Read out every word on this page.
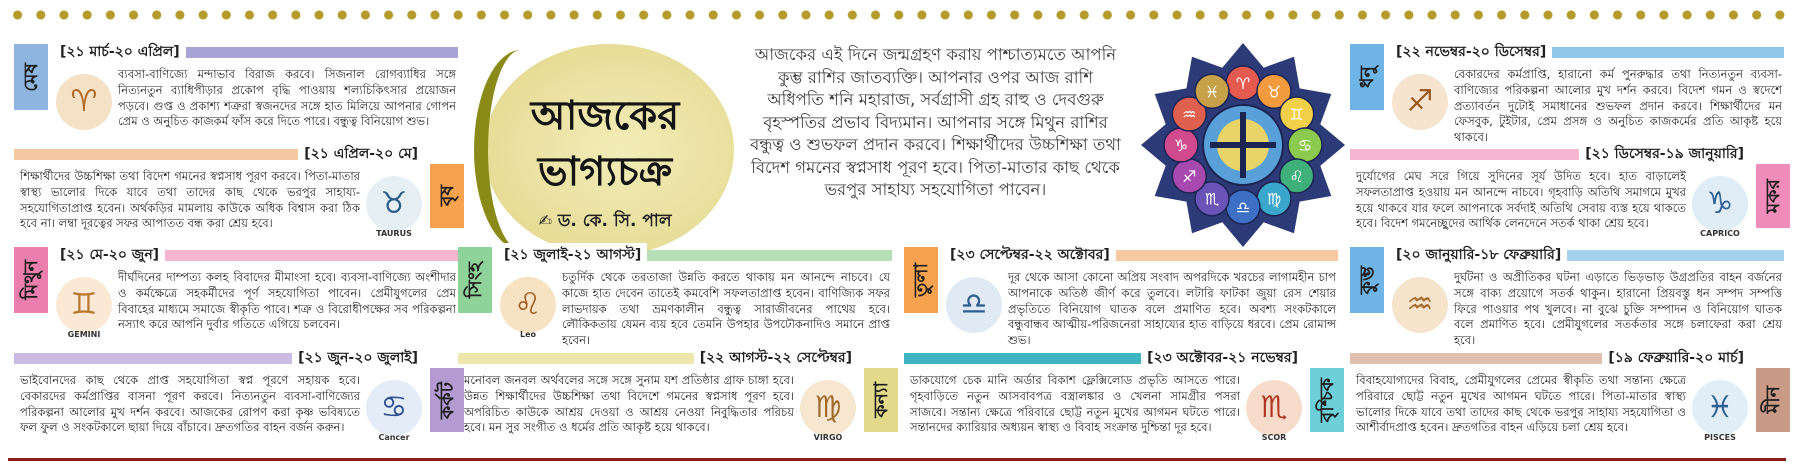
আজকের
ভাগ্যচক্র
✍ ড. কে. সি. পাল
আজকের এই দিনে জন্মগ্রহণ করায় পাশ্চাত্যমতে আপনি কুম্ভ রাশির জাতব্যক্তি। আপনার ওপর আজ রাশি অধিপতি শনি মহারাজ, সর্বগ্রাসী গ্রহ রাহু ও দেবগুরু বৃহস্পতির প্রভাব বিদ্যমান। আপনার সঙ্গে মিথুন রাশির বন্ধুত্ব ও শুভফল প্রদান করবে। শিক্ষার্থীদের উচ্চশিক্ষা তথা বিদেশ গমনের স্বপ্নসাধ পূরণ হবে। পিতা-মাতার কাছ থেকে ভরপুর সাহায্য সহযোগিতা পাবেন।
♈ ♉
♊
♋
♌
♍
♎
♏
♐
♑
♒
♓
মেষ
[২১ মার্চ-২০ এপ্রিল]
ব্যবসা-বাণিজ্যে মন্দাভাব বিরাজ করবে। সিজনাল রোগব্যাধির সঙ্গে নিত্যনতুন ব্যাধিপীড়ার প্রকোপ বৃদ্ধি পাওয়ায় শল্যচিকিৎসার প্রয়োজন পড়বে। গুপ্ত ও প্রকাশ্য শত্রুরা স্বজনদের সঙ্গে হাত মিলিয়ে আপনার গোপন প্রেম ও অনুচিত কাজকর্ম ফাঁস করে দিতে পারে। বন্ধুত্ব বিনিয়োগ শুভ।
♈
বৃষ
[২১ এপ্রিল-২০ মে]
শিক্ষার্থীদের উচ্চশিক্ষা তথা বিদেশ গমনের স্বপ্নসাধ পূরণ করবে। পিতা-মাতার স্বাস্থ্য ভালোর দিকে যাবে তথা তাদের কাছ থেকে ভরপুর সাহায্য-সহযোগিতাপ্রাপ্ত হবেন। অর্থকড়ির মামলায় কাউকে অধিক বিশ্বাস করা ঠিক হবে না। লম্বা দূরত্বের সফর আপাতত বন্ধ করা শ্রেয় হবে।
♉
TAURUS
মিথুন
[২১ মে-২০ জুন]
দীর্ঘদিনের দাম্পত্য কলহ বিবাদের মীমাংসা হবে। ব্যবসা-বাণিজ্যে অংশীদার ও কর্মক্ষেত্রে সহকর্মীদের পূর্ণ সহযোগিতা পাবেন। প্রেমীযুগলের প্রেম বিবাহের মাধ্যমে সমাজে স্বীকৃতি পাবে। শত্রু ও বিরোধীপক্ষের সব পরিকল্পনা নস্যাৎ করে আপনি দুর্বার গতিতে এগিয়ে চলবেন।
♊
GEMINI
কর্কট
[২১ জুন-২০ জুলাই]
ভাইবোনদের কাছ থেকে প্রাপ্ত সহযোগিতা স্বপ্ন পূরণে সহায়ক হবে। বেকারদের কর্মপ্রাপ্তির বাসনা পূরণ করবে। নিত্যনতুন ব্যবসা-বাণিজ্যের পরিকল্পনা আলোর মুখ দর্শন করবে। আজকের রোপণ করা কৃষ্ণ ভবিষ্যতে ফল ফুল ও সংকটকালে ছায়া দিয়ে বাঁচাবে। দ্রুতগতির বাহন বর্জন করুন।
♋
Cancer
সিংহ
[২১ জুলাই-২১ আগস্ট]
চতুর্দিক থেকে তরতাজা উন্নতি করতে থাকায় মন আনন্দে নাচবে। যে কাজে হাত দেবেন তাতেই কমবেশি সফলতাপ্রাপ্ত হবেন। বাণিজ্যিক সফর লাভদায়ক তথা ভ্রমণকালীন বন্ধুত্ব সারাজীবনের পাথেয় হবে। লৌকিকতায় যেমন ব্যয় হবে তেমনি উপহার উপঢৌকনাদিও সমানে প্রাপ্ত হবেন।
♌
Leo
কন্যা
[২২ আগস্ট-২২ সেপ্টেম্বর]
মনোবল জনবল অর্থবলের সঙ্গে সঙ্গে সুনাম যশ প্রতিষ্ঠার গ্রাফ চাঙ্গা হবে। উন্নত শিক্ষার্থীদের উচ্চশিক্ষা তথা বিদেশে গমনের স্বপ্নসাধ পূরণ হবে। অপরিচিত কাউকে আশ্রয় দেওয়া ও আশ্রয় নেওয়া নিবুদ্ধিতার পরিচয় হবে। মন সুর সংগীত ও ধর্মের প্রতি আকৃষ্ট হয়ে থাকবে।
♍
VIRGO
তুলা
[২৩ সেপ্টেম্বর-২২ অক্টোবর]
দূর থেকে আসা কোনো অপ্রিয় সংবাদ অপরদিকে খরচের লাগামহীন চাপ আপনাকে অতিষ্ঠ জীর্ণ করে তুলবে। লটারি ফাটকা জুয়া রেস শেয়ার প্রভৃতিতে বিনিয়োগ ঘাতক বলে প্রমাণিত হবে। অবশ্য সংকটকালে বন্ধুবান্ধব আত্মীয়-পরিজনেরা সাহায্যের হাত বাড়িয়ে ধরবে। প্রেম রোমান্স শুভ।
♎
বৃশ্চিক
[২৩ অক্টোবর-২১ নভেম্বর]
ডাকযোগে চেক মানি অর্ডার বিকাশ ফ্লেক্সিলোড প্রভৃতি আসতে পারে। গৃহবাড়িতে নতুন আসবাবপত্র বস্ত্রালঙ্কার ও খেলনা সামগ্রীর পসরা সাজবে। সন্তান্য ক্ষেত্রে পরিবারে ছোট্ট নতুন মুখের আগমন ঘটতে পারে। সন্তানদের ক্যারিয়ার অধ্যয়ন স্বাস্থ্য ও বিবাহ সংক্রান্ত দুশ্চিন্তা দূর হবে।
♏
SCOR
ধনু
[২২ নভেম্বর-২০ ডিসেম্বর]
বেকারদের কর্মপ্রাপ্তি, হারানো কর্ম পুনরুদ্ধার তথা নিত্যনতুন ব্যবসা-বাণিজ্যের পরিকল্পনা আলোর মুখ দর্শন করবে। বিদেশ গমন ও স্বদেশে প্রত্যাবর্তন দুটোই সমাধানের শুভফল প্রদান করবে। শিক্ষার্থীদের মন ফেসবুক, টুইটার, প্রেম প্রসঙ্গ ও অনুচিত কাজকর্মের প্রতি আকৃষ্ট হয়ে থাকবে।
♐
মকর
[২১ ডিসেম্বর-১৯ জানুয়ারি]
দুর্যোগের মেঘ সরে গিয়ে সুদিনের সূর্য উদিত হবে। হাত বাড়ালেই সফলতাপ্রাপ্ত হওয়ায় মন আনন্দে নাচবে। গৃহবাড়ি অতিথি সমাগমে মুখর হয়ে থাকবে যার ফলে আপনাকে সর্বদাই অতিথি সেবায় ব্যস্ত হয়ে থাকতে হবে। বিদেশ গমনেচ্ছুদের আর্থিক লেনদেনে সতর্ক থাকা শ্রেয় হবে।
♑
CAPRICO
কুম্ভ
[২০ জানুয়ারি-১৮ ফেব্রুয়ারি]
দুর্ঘটনা ও অপ্রীতিকর ঘটনা এড়াতে ভিড়ভাড় উগ্রপ্রতির বাহন বর্জনের সঙ্গে বাক্য প্রয়োগে সতর্ক থাকুন। হারানো প্রিয়বস্তু ধন সম্পদ সম্পত্তি ফিরে পাওয়ার পথ খুলবে। না বুঝে চুক্তি সম্পাদন ও বিনিয়োগ ঘাতক বলে প্রমাণিত হবে। প্রেমীযুগলের সতর্কতার সঙ্গে চলাফেরা করা শ্রেয় হবে।
♒
মীন
[১৯ ফেব্রুয়ারি-২০ মার্চ]
বিবাহযোগ্যদের বিবাহ, প্রেমীযুগলের প্রেমের স্বীকৃতি তথা সন্তান্য ক্ষেত্রে পরিবারে ছোট্ট নতুন মুখের আগমন ঘটতে পারে। পিতা-মাতার স্বাস্থ্য ভালোর দিকে যাবে তথা তাদের কাছ থেকে ভরপুর সাহায্য সহযোগিতা ও আশীর্বাদপ্রাপ্ত হবেন। দ্রুতগতির বাহন এড়িয়ে চলা শ্রেয় হবে।
♓
PISCES
